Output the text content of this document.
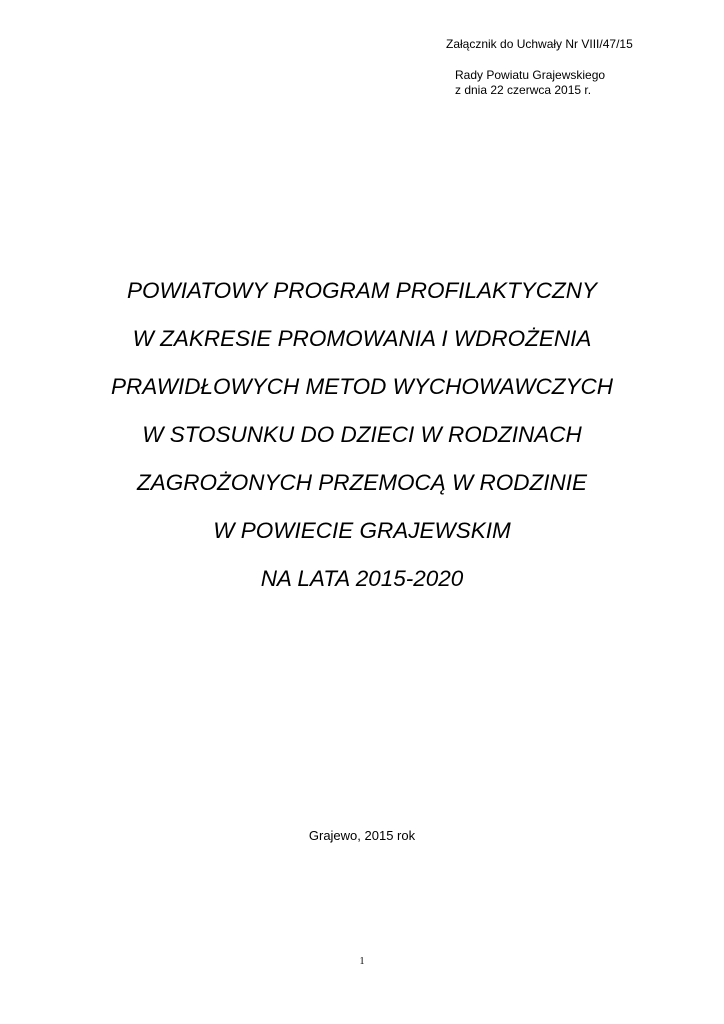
Załącznik do Uchwały Nr VIII/47/15
Rady Powiatu Grajewskiego
z dnia 22 czerwca 2015 r.
POWIATOWY PROGRAM PROFILAKTYCZNY
W ZAKRESIE PROMOWANIA I WDROŻENIA
PRAWIDŁOWYCH METOD WYCHOWAWCZYCH
W STOSUNKU DO DZIECI W RODZINACH
ZAGROŻONYCH PRZEMOCĄ W RODZINIE
W POWIECIE GRAJEWSKIM
NA LATA 2015-2020
Grajewo, 2015 rok
1
